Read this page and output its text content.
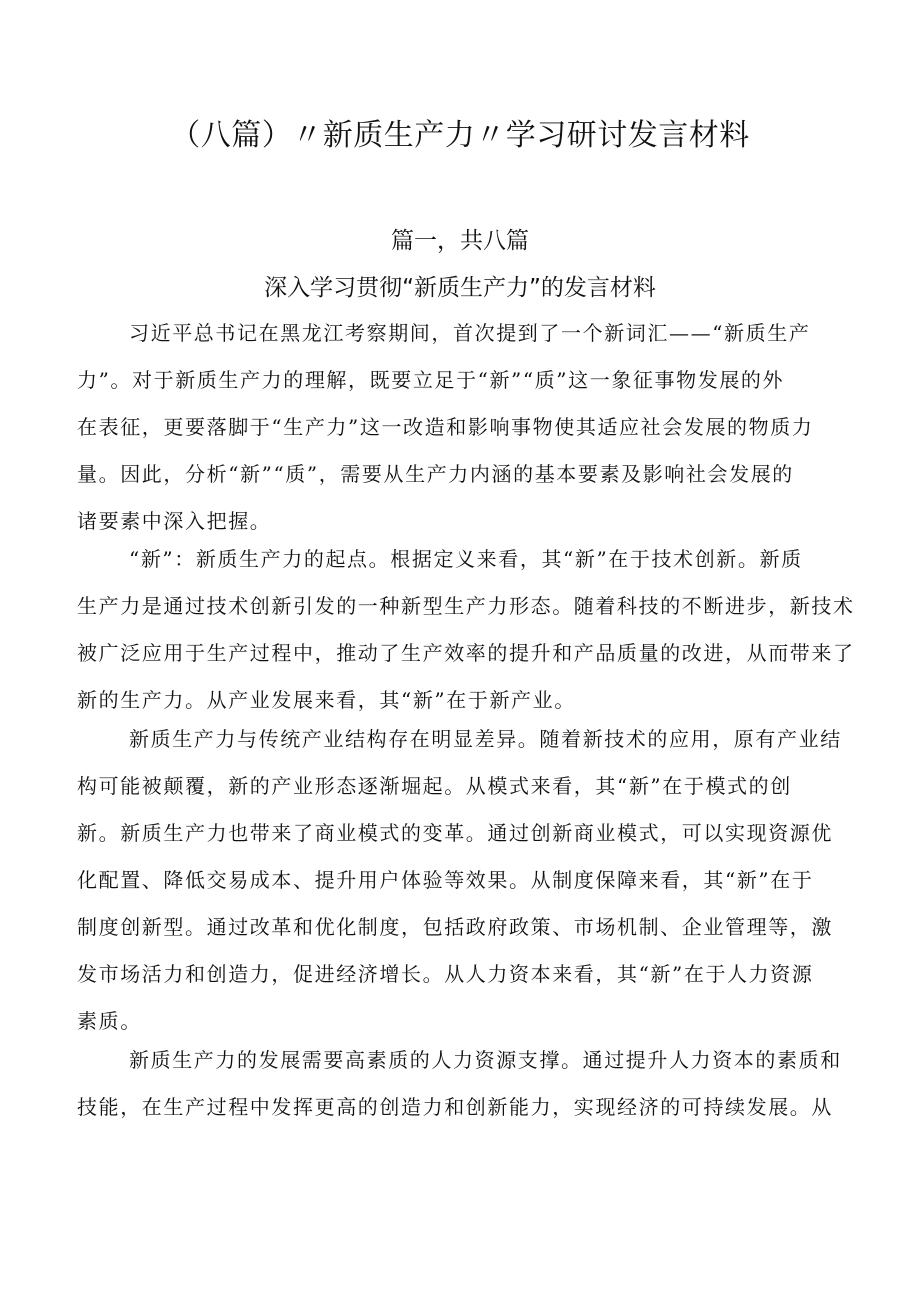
（八篇）〃新质生产力〃学习研讨发言材料
篇一，共八篇
深入学习贯彻“新质生产力”的发言材料
习近平总书记在黑龙江考察期间，首次提到了一个新词汇——“新质生产
力”。对于新质生产力的理解，既要立足于“新”“质”这一象征事物发展的外
在表征，更要落脚于“生产力”这一改造和影响事物使其适应社会发展的物质力
量。因此，分析“新”“质”，需要从生产力内涵的基本要素及影响社会发展的
诸要素中深入把握。
“新”：新质生产力的起点。根据定义来看，其“新”在于技术创新。新质
生产力是通过技术创新引发的一种新型生产力形态。随着科技的不断进步，新技术
被广泛应用于生产过程中，推动了生产效率的提升和产品质量的改进，从而带来了
新的生产力。从产业发展来看，其“新”在于新产业。
新质生产力与传统产业结构存在明显差异。随着新技术的应用，原有产业结
构可能被颠覆，新的产业形态逐渐堀起。从模式来看，其“新”在于模式的创
新。新质生产力也带来了商业模式的变革。通过创新商业模式，可以实现资源优
化配置、降低交易成本、提升用户体验等效果。从制度保障来看，其“新”在于
制度创新型。通过改革和优化制度，包括政府政策、市场机制、企业管理等，激
发市场活力和创造力，促进经济增长。从人力资本来看，其“新”在于人力资源
素质。
新质生产力的发展需要高素质的人力资源支撑。通过提升人力资本的素质和
技能，在生产过程中发挥更高的创造力和创新能力，实现经济的可持续发展。从
